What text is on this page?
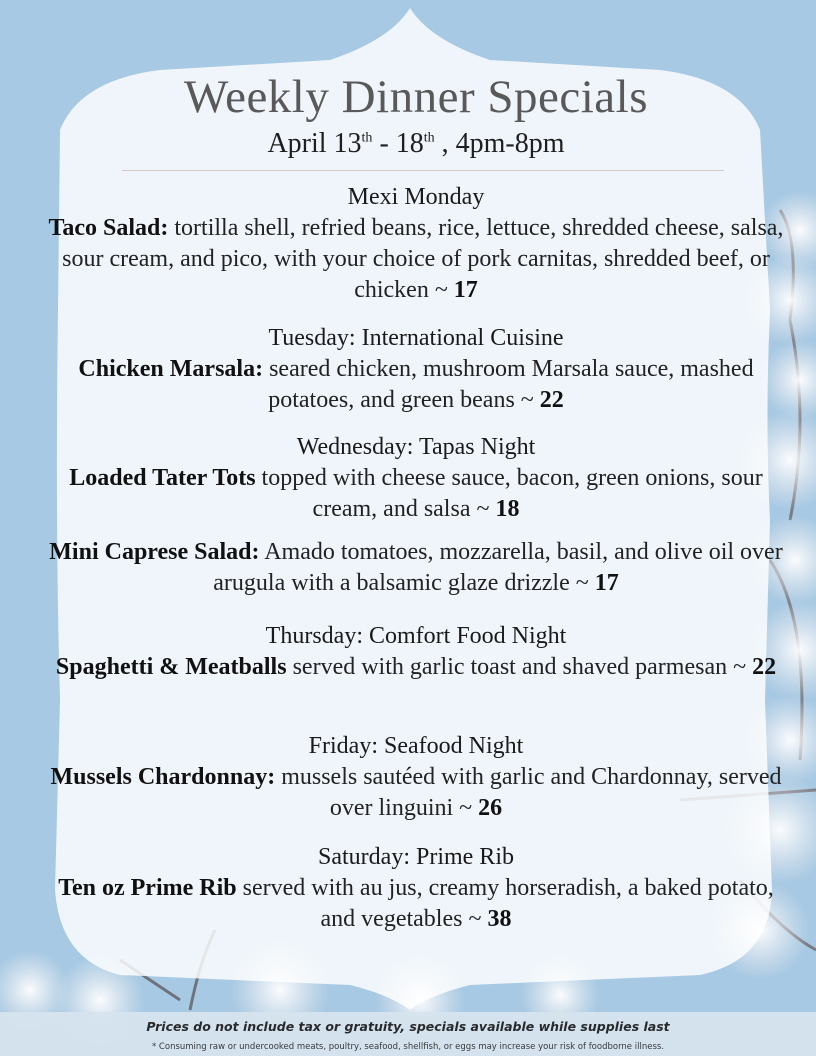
Weekly Dinner Specials
April 13th - 18th , 4pm-8pm
Mexi Monday
Taco Salad: tortilla shell, refried beans, rice, lettuce, shredded cheese, salsa, sour cream, and pico, with your choice of pork carnitas, shredded beef, or chicken ~ 17
Tuesday: International Cuisine
Chicken Marsala: seared chicken, mushroom Marsala sauce, mashed potatoes, and green beans ~ 22
Wednesday: Tapas Night
Loaded Tater Tots topped with cheese sauce, bacon, green onions, sour cream, and salsa ~ 18
Mini Caprese Salad: Amado tomatoes, mozzarella, basil, and olive oil over arugula with a balsamic glaze drizzle ~ 17
Thursday: Comfort Food Night
Spaghetti & Meatballs served with garlic toast and shaved parmesan ~ 22
Friday: Seafood Night
Mussels Chardonnay: mussels sautéed with garlic and Chardonnay, served over linguini ~ 26
Saturday: Prime Rib
Ten oz Prime Rib served with au jus, creamy horseradish, a baked potato, and vegetables ~ 38
Prices do not include tax or gratuity, specials available while supplies last
* Consuming raw or undercooked meats, poultry, seafood, shellfish, or eggs may increase your risk of foodborne illness.
